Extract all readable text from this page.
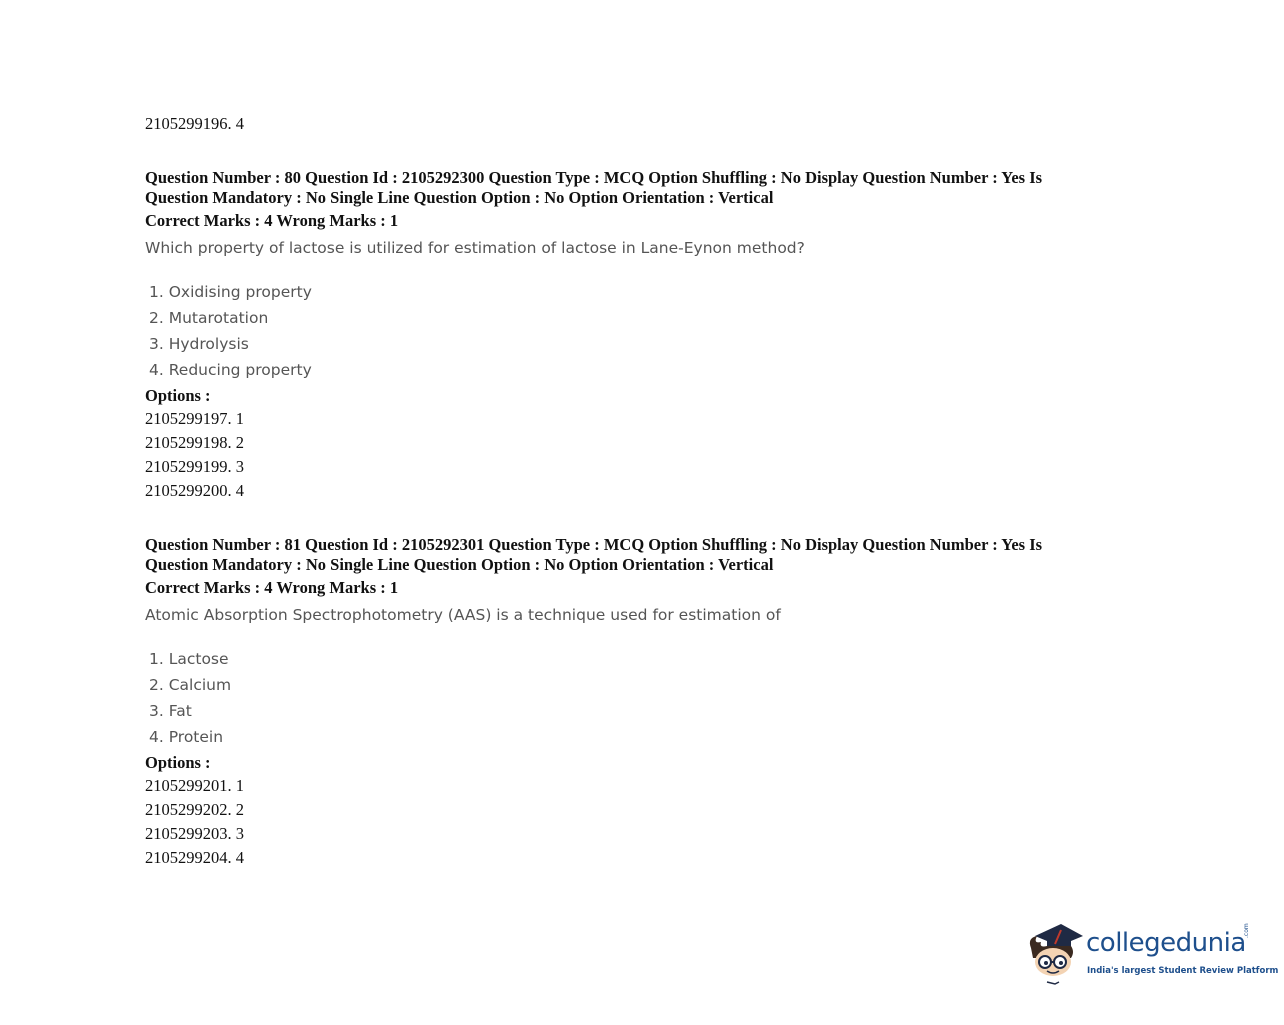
2105299196. 4
Question Number : 80 Question Id : 2105292300 Question Type : MCQ Option Shuffling : No Display Question Number : Yes Is Question Mandatory : No Single Line Question Option : No Option Orientation : Vertical
Correct Marks : 4 Wrong Marks : 1
Which property of lactose is utilized for estimation of lactose in Lane-Eynon method?
1. Oxidising property
2. Mutarotation
3. Hydrolysis
4. Reducing property
Options :
2105299197. 1
2105299198. 2
2105299199. 3
2105299200. 4
Question Number : 81 Question Id : 2105292301 Question Type : MCQ Option Shuffling : No Display Question Number : Yes Is Question Mandatory : No Single Line Question Option : No Option Orientation : Vertical
Correct Marks : 4 Wrong Marks : 1
Atomic Absorption Spectrophotometry (AAS) is a technique used for estimation of
1. Lactose
2. Calcium
3. Fat
4. Protein
Options :
2105299201. 1
2105299202. 2
2105299203. 3
2105299204. 4
collegedunia
.com
India's largest Student Review Platform
